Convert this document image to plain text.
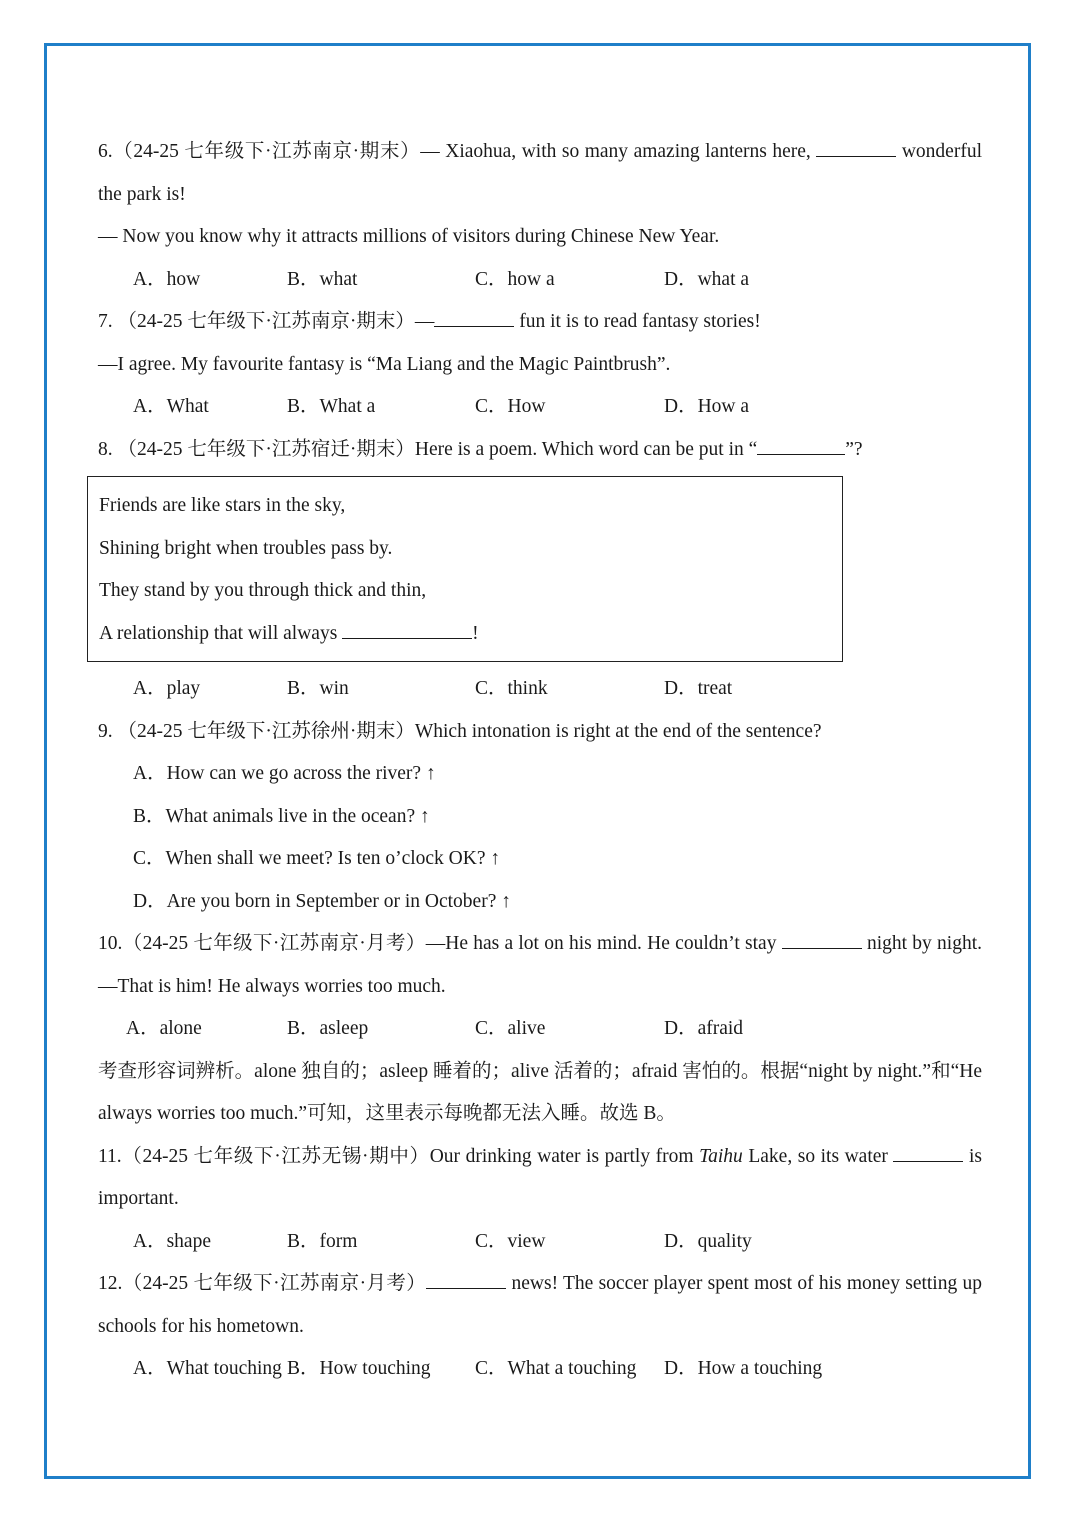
6.（24-25 七年级下·江苏南京·期末）— Xiaohua, with so many amazing lanterns here,	wonderful
the park is!
— Now you know why it attracts millions of visitors during Chinese New Year.
A．how	B．what	C．how a	D．what a
7. （24-25 七年级下·江苏南京·期末）—	fun it is to read fantasy stories!
—I agree. My favourite fantasy is “Ma Liang and the Magic Paintbrush”.
A．What	B．What a	C．How	D．How a
8. （24-25 七年级下·江苏宿迁·期末）Here is a poem. Which word can be put in “	”?
Friends are like stars in the sky,
Shining bright when troubles pass by.
They stand by you through thick and thin,
A relationship that will always	!
A．play	B．win	C．think	D．treat
9. （24-25 七年级下·江苏徐州·期末）Which intonation is right at the end of the sentence?
A．How can we go across the river? ↑
B．What animals live in the ocean? ↑
C．When shall we meet? Is ten o’clock OK? ↑
D．Are you born in September or in October? ↑
10.（24-25 七年级下·江苏南京·月考）—He has a lot on his mind. He couldn’t stay	night by night.
—That is him! He always worries too much.
A．alone	B．asleep	C．alive	D．afraid
考查形容词辨析。alone 独自的；asleep 睡着的；alive 活着的；afraid 害怕的。根据“night by night.”和“He
always worries too much.”可知，这里表示每晚都无法入睡。故选 B。
11.（24-25 七年级下·江苏无锡·期中）Our drinking water is partly from Taihu Lake, so its water	is
important.
A．shape	B．form	C．view	D．quality
12.（24-25 七年级下·江苏南京·月考）	news! The soccer player spent most of his money setting up
schools for his hometown.
A．What touching B．How touching C．What a touching D．How a touching
